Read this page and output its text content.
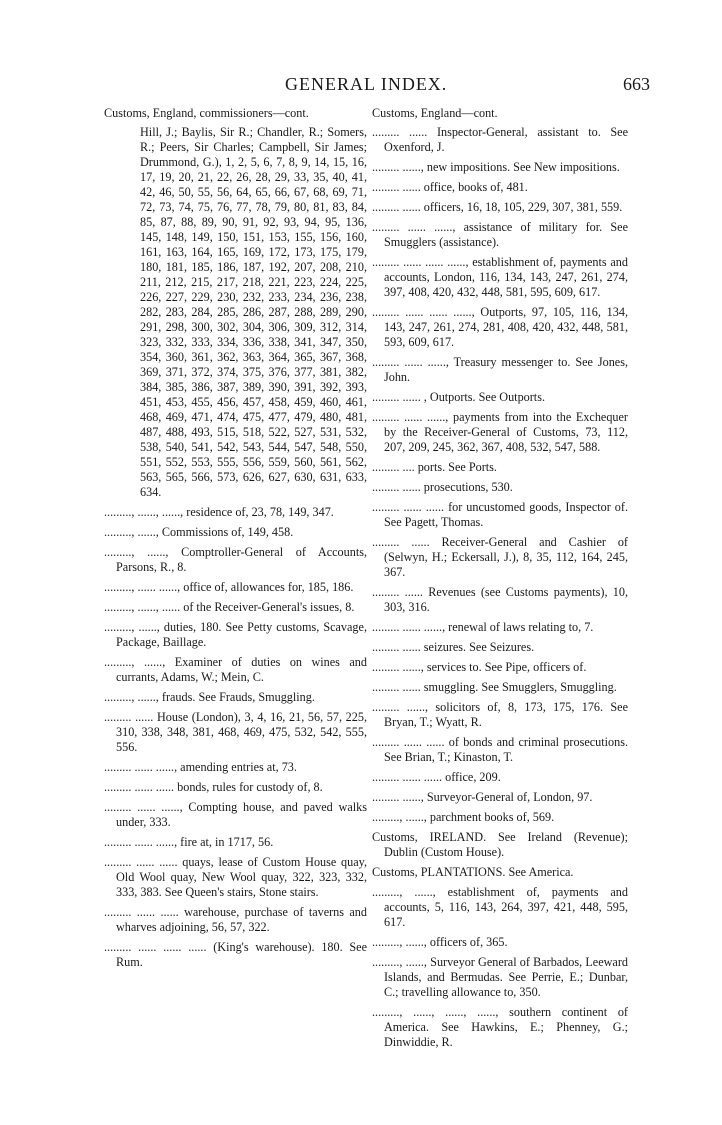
GENERAL INDEX.	663
Customs, England, commissioners—cont.
Hill, J.; Baylis, Sir R.; Chandler, R.; Somers, R.; Peers, Sir Charles; Campbell, Sir James; Drummond, G.), 1, 2, 5, 6, 7, 8, 9, 14, 15, 16, 17, 19, 20, 21, 22, 26, 28, 29, 33, 35, 40, 41, 42, 46, 50, 55, 56, 64, 65, 66, 67, 68, 69, 71, 72, 73, 74, 75, 76, 77, 78, 79, 80, 81, 83, 84, 85, 87, 88, 89, 90, 91, 92, 93, 94, 95, 136, 145, 148, 149, 150, 151, 153, 155, 156, 160, 161, 163, 164, 165, 169, 172, 173, 175, 179, 180, 181, 185, 186, 187, 192, 207, 208, 210, 211, 212, 215, 217, 218, 221, 223, 224, 225, 226, 227, 229, 230, 232, 233, 234, 236, 238, 282, 283, 284, 285, 286, 287, 288, 289, 290, 291, 298, 300, 302, 304, 306, 309, 312, 314, 323, 332, 333, 334, 336, 338, 341, 347, 350, 354, 360, 361, 362, 363, 364, 365, 367, 368, 369, 371, 372, 374, 375, 376, 377, 381, 382, 384, 385, 386, 387, 389, 390, 391, 392, 393, 451, 453, 455, 456, 457, 458, 459, 460, 461, 468, 469, 471, 474, 475, 477, 479, 480, 481, 487, 488, 493, 515, 518, 522, 527, 531, 532, 538, 540, 541, 542, 543, 544, 547, 548, 550, 551, 552, 553, 555, 556, 559, 560, 561, 562, 563, 565, 566, 573, 626, 627, 630, 631, 633, 634.
........., ......, ......, residence of, 23, 78, 149, 347.
........., ......, Commissions of, 149, 458.
........., ......, Comptroller-General of Accounts, Parsons, R., 8.
........., ...... ......, office of, allowances for, 185, 186.
........., ......, ...... of the Receiver-General's issues, 8.
........., ......, duties, 180. See Petty customs, Scavage, Package, Baillage.
........., ......, Examiner of duties on wines and currants, Adams, W.; Mein, C.
........., ......, frauds. See Frauds, Smuggling.
......... ...... House (London), 3, 4, 16, 21, 56, 57, 225, 310, 338, 348, 381, 468, 469, 475, 532, 542, 555, 556.
......... ...... ......, amending entries at, 73.
......... ...... ...... bonds, rules for custody of, 8.
......... ...... ......, Compting house, and paved walks under, 333.
......... ...... ......, fire at, in 1717, 56.
......... ...... ...... quays, lease of Custom House quay, Old Wool quay, New Wool quay, 322, 323, 332, 333, 383. See Queen's stairs, Stone stairs.
......... ...... ...... warehouse, purchase of taverns and wharves adjoining, 56, 57, 322.
......... ...... ...... ...... (King's warehouse). 180. See Rum.
Customs, England—cont.
......... ...... Inspector-General, assistant to. See Oxenford, J.
......... ......, new impositions. See New impositions.
......... ...... office, books of, 481.
......... ...... officers, 16, 18, 105, 229, 307, 381, 559.
......... ...... ......, assistance of military for. See Smugglers (assistance).
......... ...... ...... ......, establishment of, payments and accounts, London, 116, 134, 143, 247, 261, 274, 397, 408, 420, 432, 448, 581, 595, 609, 617.
......... ...... ...... ......, Outports, 97, 105, 116, 134, 143, 247, 261, 274, 281, 408, 420, 432, 448, 581, 593, 609, 617.
......... ...... ......, Treasury messenger to. See Jones, John.
......... ...... , Outports. See Outports.
......... ...... ......, payments from into the Exchequer by the Receiver-General of Customs, 73, 112, 207, 209, 245, 362, 367, 408, 532, 547, 588.
......... .... ports. See Ports.
......... ...... prosecutions, 530.
......... ...... ...... for uncustomed goods, Inspector of. See Pagett, Thomas.
......... ...... Receiver-General and Cashier of (Selwyn, H.; Eckersall, J.), 8, 35, 112, 164, 245, 367.
......... ...... Revenues (see Customs payments), 10, 303, 316.
......... ...... ......, renewal of laws relating to, 7.
......... ...... seizures. See Seizures.
......... ......, services to. See Pipe, officers of.
......... ...... smuggling. See Smugglers, Smuggling.
......... ......, solicitors of, 8, 173, 175, 176. See Bryan, T.; Wyatt, R.
......... ...... ...... of bonds and criminal prosecutions. See Brian, T.; Kinaston, T.
......... ...... ...... office, 209.
......... ......, Surveyor-General of, London, 97.
........., ......, parchment books of, 569.
Customs, IRELAND. See Ireland (Revenue); Dublin (Custom House).
Customs, PLANTATIONS. See America.
........., ......, establishment of, payments and accounts, 5, 116, 143, 264, 397, 421, 448, 595, 617.
........., ......, officers of, 365.
........., ......, Surveyor General of Barbados, Leeward Islands, and Bermudas. See Perrie, E.; Dunbar, C.; travelling allowance to, 350.
........., ......, ......, ......, southern continent of America. See Hawkins, E.; Phenney, G.; Dinwiddie, R.
